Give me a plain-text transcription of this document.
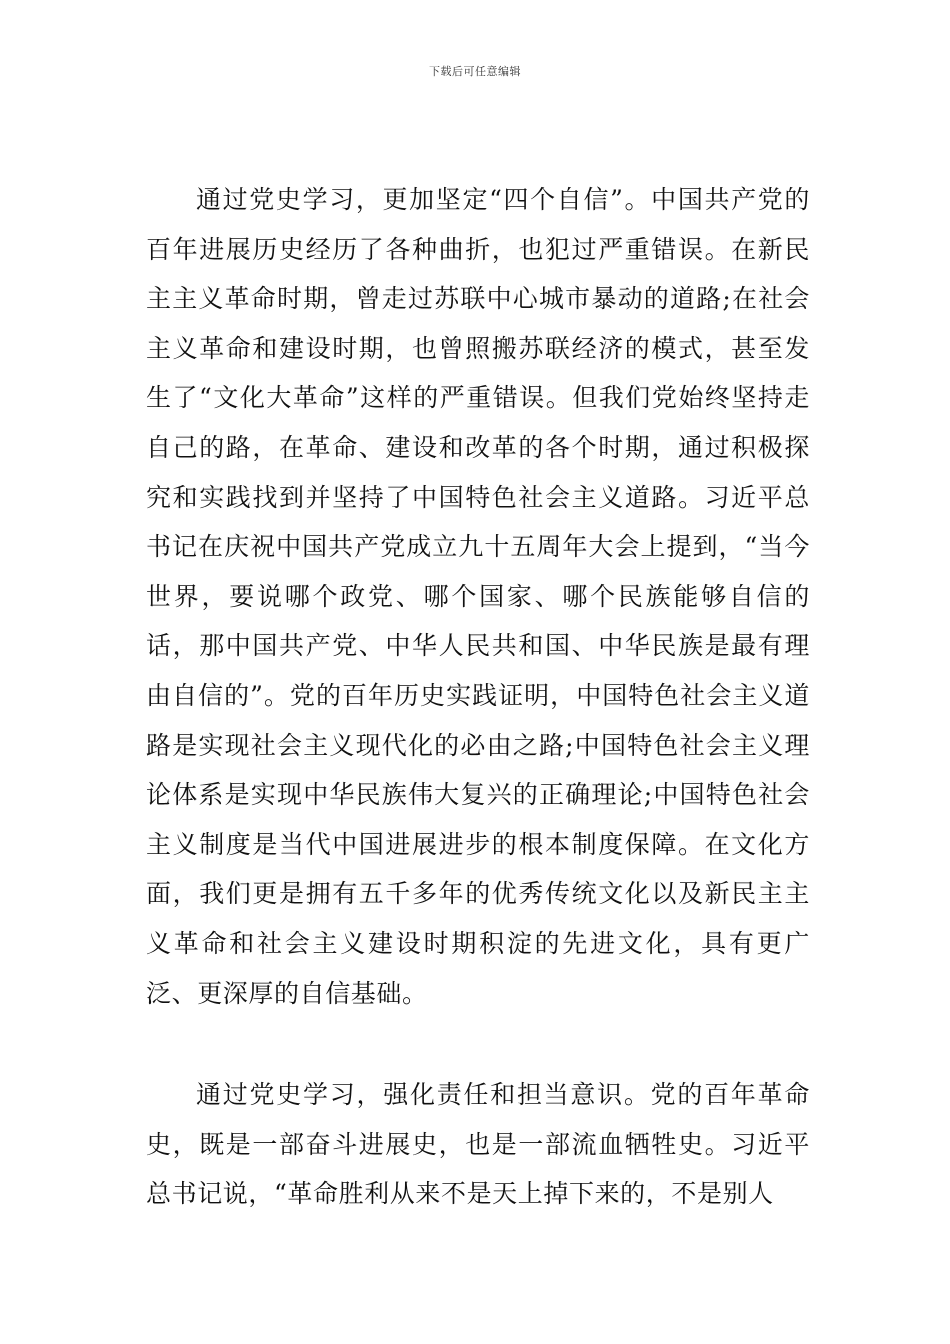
下载后可任意编辑

通过党史学习，更加坚定“四个自信”。中国共产党的百年进展历史经历了各种曲折，也犯过严重错误。在新民主主义革命时期，曾走过苏联中心城市暴动的道路;在社会主义革命和建设时期，也曾照搬苏联经济的模式，甚至发生了“文化大革命”这样的严重错误。但我们党始终坚持走自己的路，在革命、建设和改革的各个时期，通过积极探究和实践找到并坚持了中国特色社会主义道路。习近平总书记在庆祝中国共产党成立九十五周年大会上提到，“当今世界，要说哪个政党、哪个国家、哪个民族能够自信的话，那中国共产党、中华人民共和国、中华民族是最有理由自信的”。党的百年历史实践证明，中国特色社会主义道路是实现社会主义现代化的必由之路;中国特色社会主义理论体系是实现中华民族伟大复兴的正确理论;中国特色社会主义制度是当代中国进展进步的根本制度保障。在文化方面，我们更是拥有五千多年的优秀传统文化以及新民主主义革命和社会主义建设时期积淀的先进文化，具有更广泛、更深厚的自信基础。

通过党史学习，强化责任和担当意识。党的百年革命史，既是一部奋斗进展史，也是一部流血牺牲史。习近平总书记说，“革命胜利从来不是天上掉下来的，不是别人
